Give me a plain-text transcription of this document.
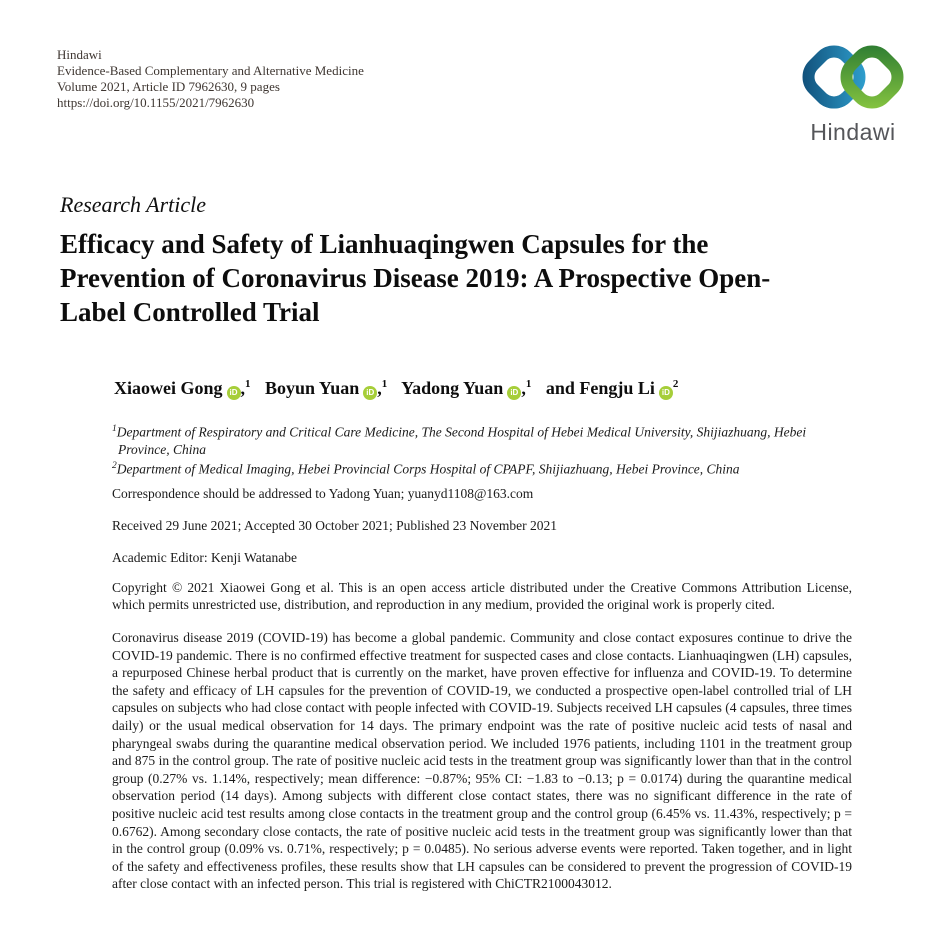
Hindawi
Evidence-Based Complementary and Alternative Medicine
Volume 2021, Article ID 7962630, 9 pages
https://doi.org/10.1155/2021/7962630
Hindawi
Research Article
Efficacy and Safety of Lianhuaqingwen Capsules for the Prevention of Coronavirus Disease 2019: A Prospective Open-Label Controlled Trial
Xiaowei Gong iD ,$^1$ Boyun Yuan iD ,$^1$ Yadong Yuan iD ,$^1$ and Fengju Li iD
$^2$
$^1$Department of Respiratory and Critical Care Medicine, The Second Hospital of Hebei Medical University, Shijiazhuang, Hebei Province, China
$^2$Department of Medical Imaging, Hebei Provincial Corps Hospital of CPAPF, Shijiazhuang, Hebei Province, China
Correspondence should be addressed to Yadong Yuan; yuanyd1108@163.com
Received 29 June 2021; Accepted 30 October 2021; Published 23 November 2021
Academic Editor: Kenji Watanabe
Copyright © 2021 Xiaowei Gong et al. This is an open access article distributed under the Creative Commons Attribution License, which permits unrestricted use, distribution, and reproduction in any medium, provided the original work is properly cited.
Coronavirus disease 2019 (COVID-19) has become a global pandemic. Community and close contact exposures continue to drive the COVID-19 pandemic. There is no confirmed effective treatment for suspected cases and close contacts. Lianhuaqingwen (LH) capsules, a repurposed Chinese herbal product that is currently on the market, have proven effective for influenza and COVID-19. To determine the safety and efficacy of LH capsules for the prevention of COVID-19, we conducted a prospective open-label controlled trial of LH capsules on subjects who had close contact with people infected with COVID-19. Subjects received LH capsules (4 capsules, three times daily) or the usual medical observation for 14 days. The primary endpoint was the rate of positive nucleic acid tests of nasal and pharyngeal swabs during the quarantine medical observation period. We included 1976 patients, including 1101 in the treatment group and 875 in the control group. The rate of positive nucleic acid tests in the treatment group was significantly lower than that in the control group (0.27% vs. 1.14%, respectively; mean difference: −0.87%; 95% CI: −1.83 to −0.13; p = 0.0174) during the quarantine medical observation period (14 days). Among subjects with different close contact states, there was no significant difference in the rate of positive nucleic acid test results among close contacts in the treatment group and the control group (6.45% vs. 11.43%, respectively; p = 0.6762). Among secondary close contacts, the rate of positive nucleic acid tests in the treatment group was significantly lower than that in the control group (0.09% vs. 0.71%, respectively; p = 0.0485). No serious adverse events were reported. Taken together, and in light of the safety and effectiveness profiles, these results show that LH capsules can be considered to prevent the progression of COVID-19 after close contact with an infected person. This trial is registered with ChiCTR2100043012.
